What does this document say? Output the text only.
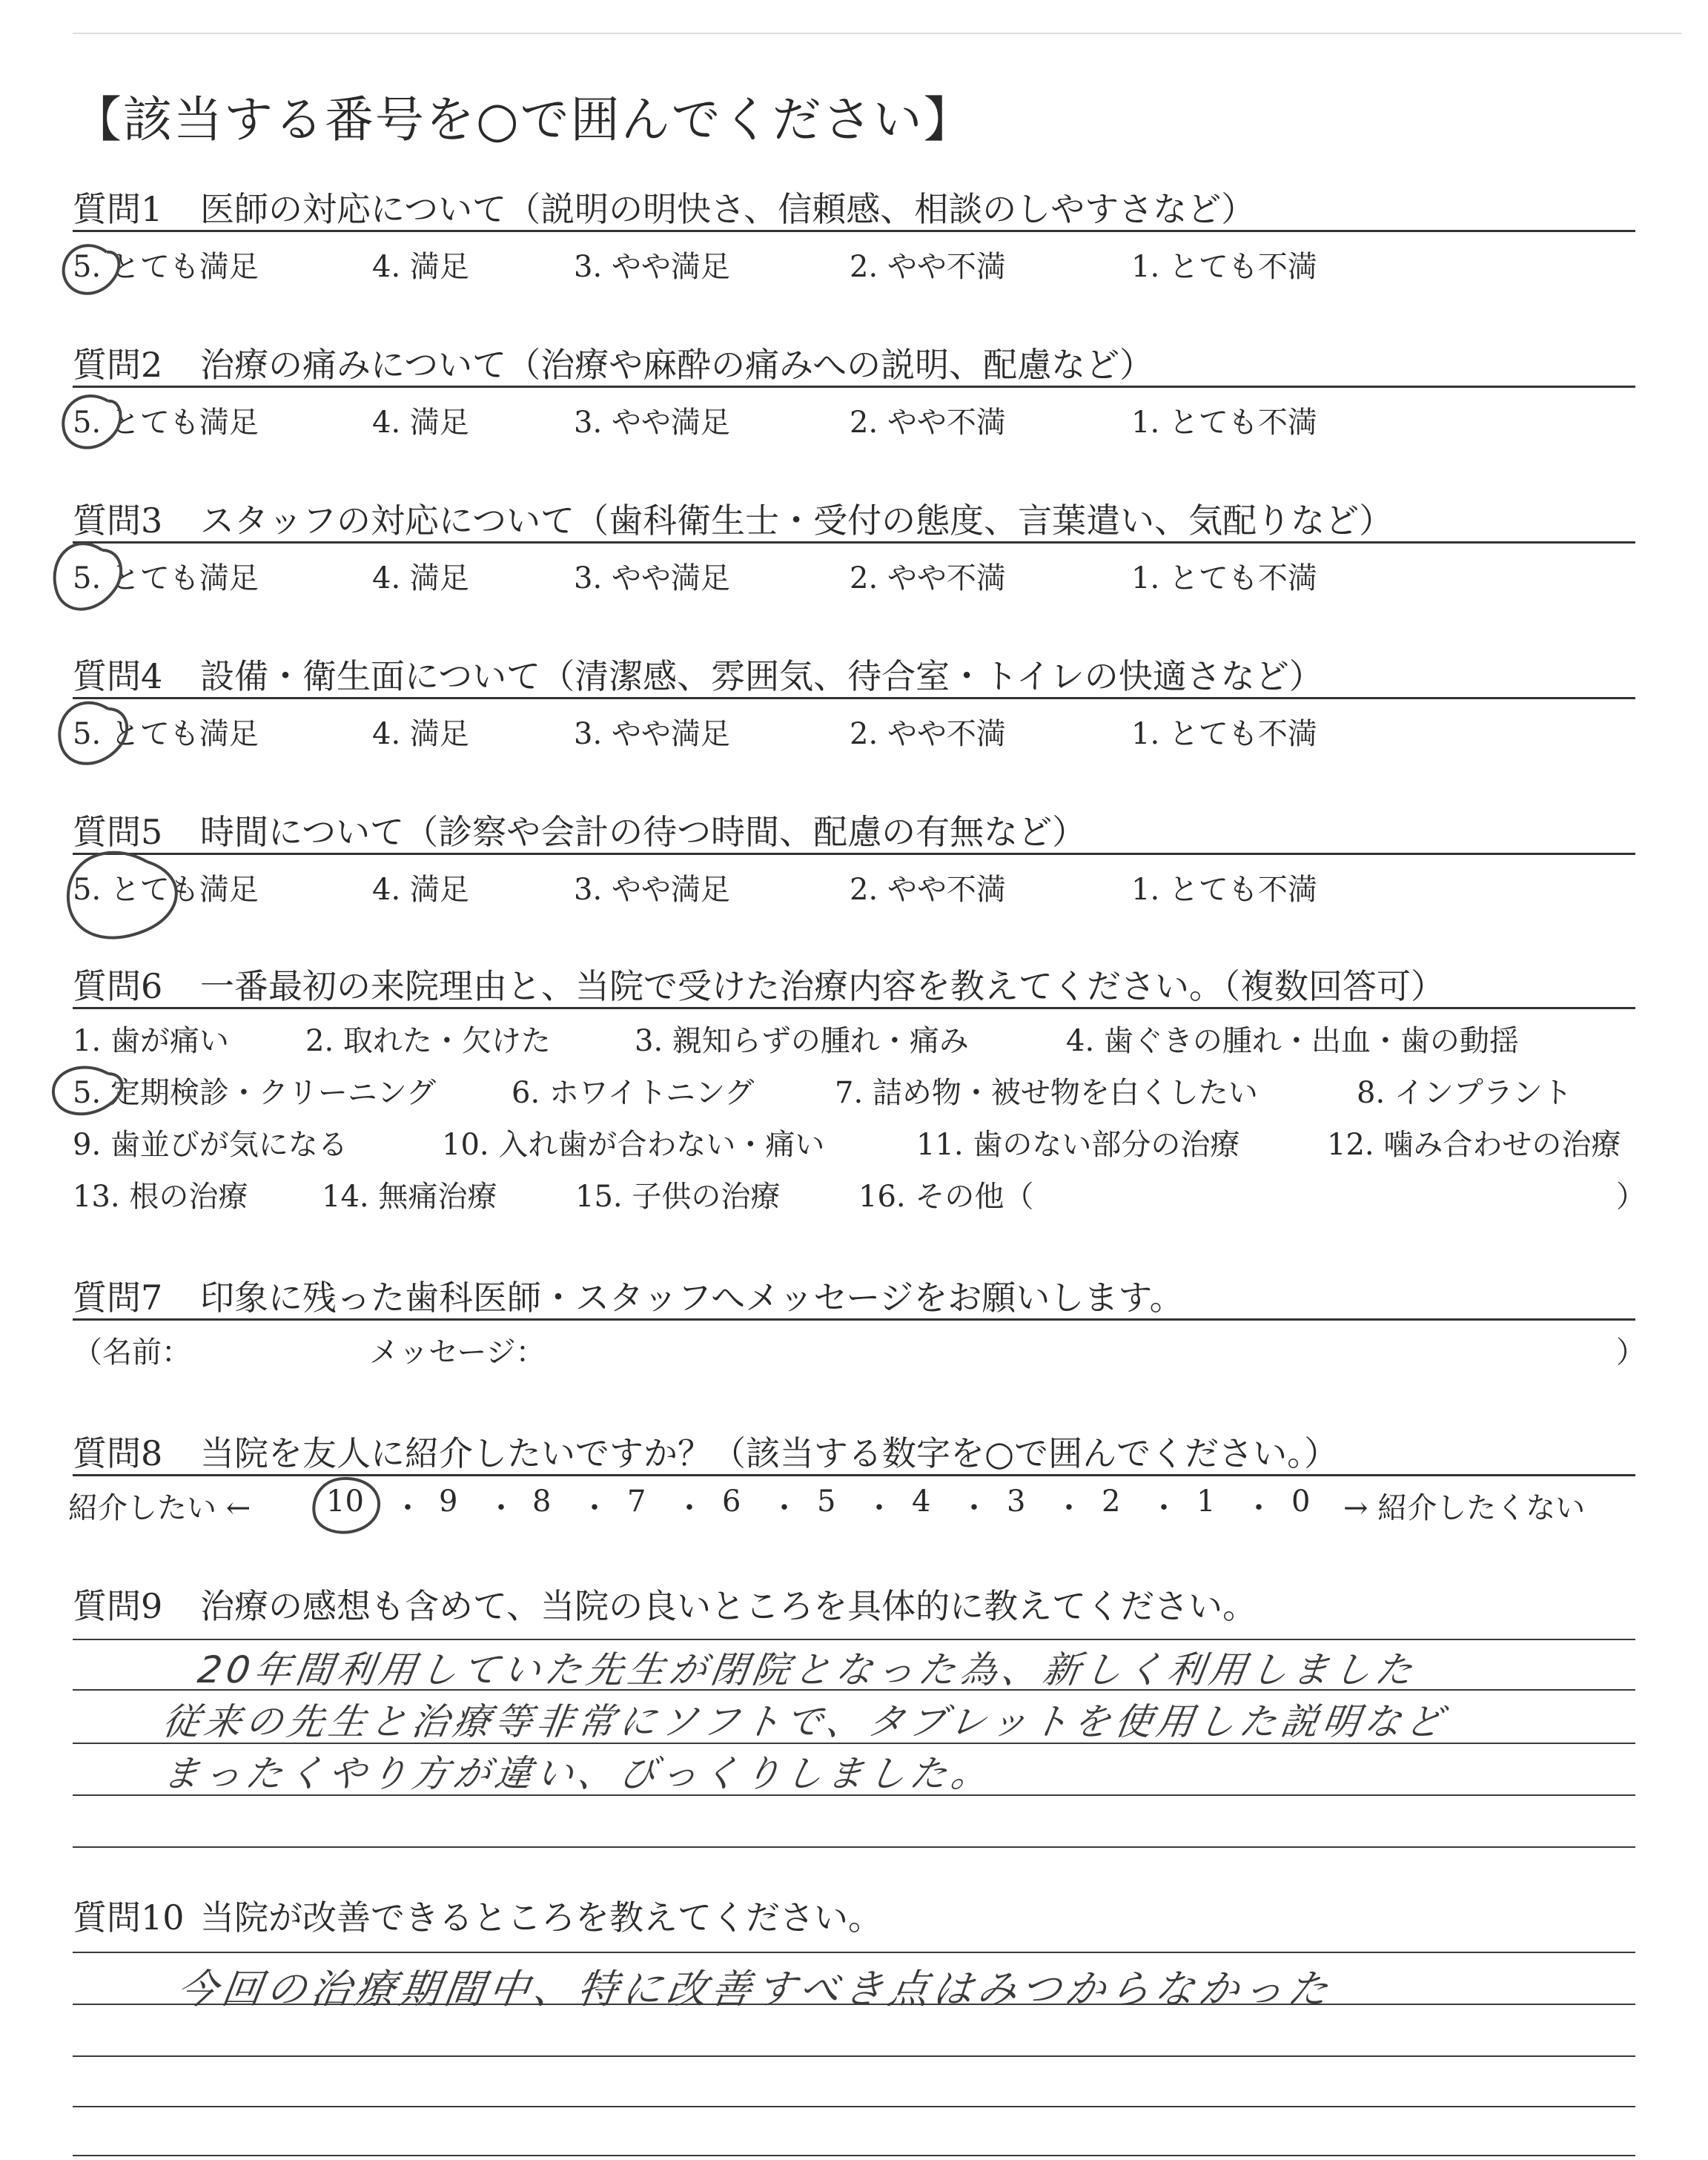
【該当する番号を○で囲んでください】
質問1 医師の対応について（説明の明快さ、信頼感、相談のしやすさなど）
5. とても満足	4. 満足	3. やや満足	2. やや不満	1. とても不満
質問2 治療の痛みについて（治療や麻酔の痛みへの説明、配慮など）
5. とても満足	4. 満足	3. やや満足	2. やや不満	1. とても不満
質問3 スタッフの対応について（歯科衛生士・受付の態度、言葉遣い、気配りなど）
5. とても満足	4. 満足	3. やや満足	2. やや不満	1. とても不満
質問4 設備・衛生面について（清潔感、雰囲気、待合室・トイレの快適さなど）
5. とても満足	4. 満足	3. やや満足	2. やや不満	1. とても不満
質問5 時間について（診察や会計の待つ時間、配慮の有無など）
5. とても満足	4. 満足	3. やや満足	2. やや不満	1. とても不満
質問6 一番最初の来院理由と、当院で受けた治療内容を教えてください。（複数回答可）
1. 歯が痛い	2. 取れた・欠けた	3. 親知らずの腫れ・痛み	4. 歯ぐきの腫れ・出血・歯の動揺
5. 定期検診・クリーニング	6. ホワイトニング	7. 詰め物・被せ物を白くしたい	8. インプラント
9. 歯並びが気になる	10. 入れ歯が合わない・痛い	11. 歯のない部分の治療	12. 噛み合わせの治療
13. 根の治療 14. 無痛治療	15. 子供の治療	16. その他（	）
質問7 印象に残った歯科医師・スタッフへメッセージをお願いします。
（名前：	メッセージ：	）
質問8 当院を友人に紹介したいですか？（該当する数字を○で囲んでください。）
紹介したい ←	10 ・ 9 ・ 8 ・ 7 ・ 6 ・ 5 ・ 4 ・ 3 ・ 2 ・ 1 ・ 0 → 紹介したくない
質問9 治療の感想も含めて、当院の良いところを具体的に教えてください。
20年間利用していた先生が閉院となった為、新しく利用しました
従来の先生と治療等非常にソフトで、タブレットを使用した説明など
まったくやり方が違い、びっくりしました。
質問10 当院が改善できるところを教えてください。
今回の治療期間中、特に改善すべき点はみつからなかった
